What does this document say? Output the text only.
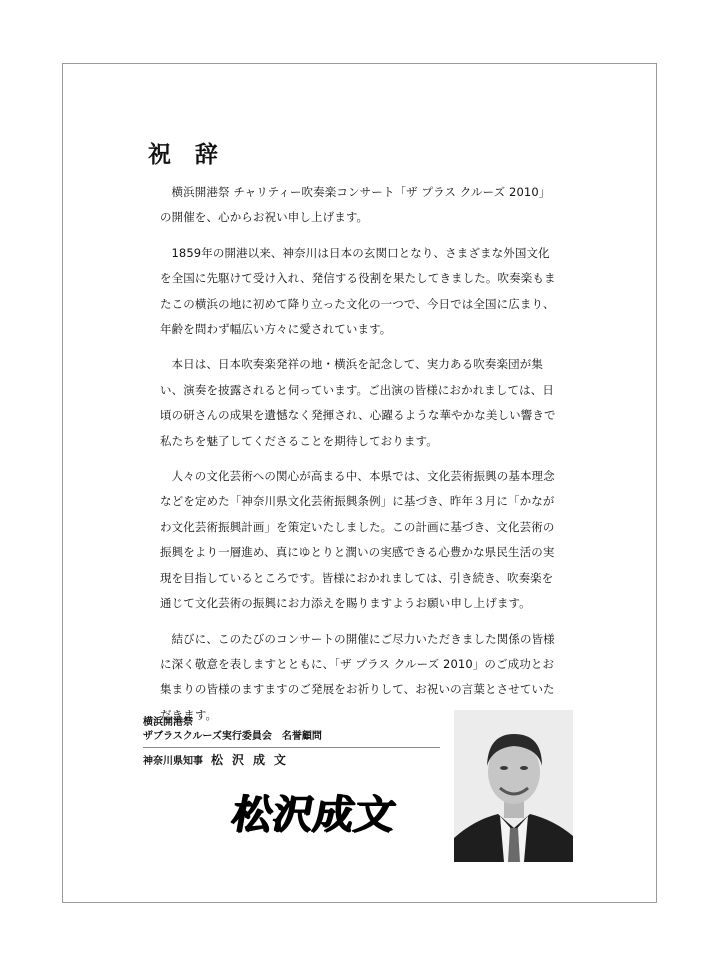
祝　辞

横浜開港祭 チャリティー吹奏楽コンサート「ザ プラス クルーズ 2010」の開催を、心からお祝い申し上げます。

1859年の開港以来、神奈川は日本の玄関口となり、さまざまな外国文化を全国に先駆けて受け入れ、発信する役割を果たしてきました。吹奏楽もまたこの横浜の地に初めて降り立った文化の一つで、今日では全国に広まり、年齢を問わず幅広い方々に愛されています。

本日は、日本吹奏楽発祥の地・横浜を記念して、実力ある吹奏楽団が集い、演奏を披露されると伺っています。ご出演の皆様におかれましては、日頃の研さんの成果を遺憾なく発揮され、心躍るような華やかな美しい響きで私たちを魅了してくださることを期待しております。

人々の文化芸術への関心が高まる中、本県では、文化芸術振興の基本理念などを定めた「神奈川県文化芸術振興条例」に基づき、昨年３月に「かながわ文化芸術振興計画」を策定いたしました。この計画に基づき、文化芸術の振興をより一層進め、真にゆとりと潤いの実感できる心豊かな県民生活の実現を目指しているところです。皆様におかれましては、引き続き、吹奏楽を通じて文化芸術の振興にお力添えを賜りますようお願い申し上げます。

結びに、このたびのコンサートの開催にご尽力いただきました関係の皆様に深く敬意を表しますとともに、「ザ プラス クルーズ 2010」のご成功とお集まりの皆様のますますのご発展をお祈りして、お祝いの言葉とさせていただきます。

横浜開港祭
ザブラスクルーズ実行委員会　名誉顧問
神奈川県知事 松 沢 成 文
松沢成文
